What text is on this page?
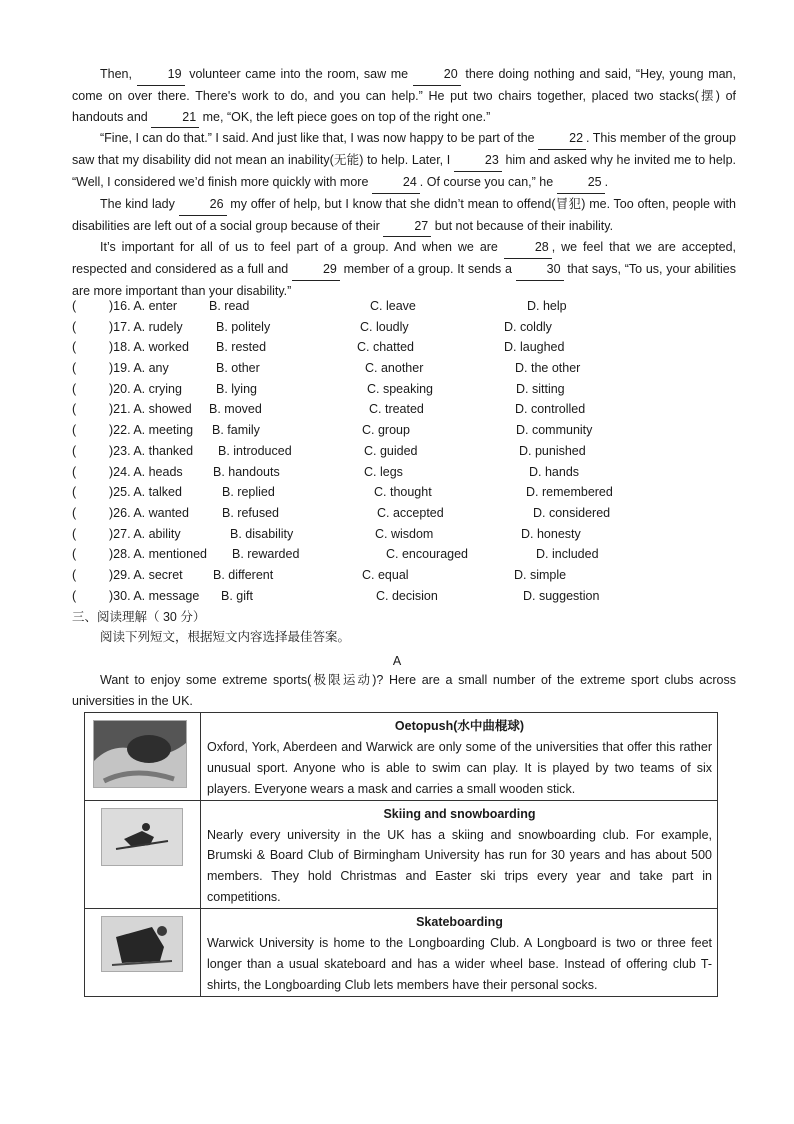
Then,	19 volunteer came into the room, saw me	20 there doing nothing and said, “Hey, young man, come on over there. There's work to do, and you can help.” He put two chairs together, placed two stacks(摆) of handouts and	21 me, “OK, the left piece goes on top of the right one.”

“Fine, I can do that.” I said. And just like that, I was now happy to be part of the	22 . This member of the group saw that my disability did not mean an inability(无能) to help. Later, I	23 him and asked why he invited me to help. “Well, I considered we’d finish more quickly with more	24 . Of course you can,” he	25 .

The kind lady	26 my offer of help, but I know that she didn’t mean to offend(冒犯) me. Too often, people with disabilities are left out of a social group because of their	27 but not because of their inability.

It’s important for all of us to feel part of a group. And when we are	28 , we feel that we are accepted, respected and considered as a full and	29 member of a group. It sends a	30 that says, “To us, your abilities are more important than your disability.”

(	)16. A. enter	B. read	C. leave	D. help
(	)17. A. rudely	B. politely	C. loudly	D. coldly
(	)18. A. worked B. rested	C. chatted	D. laughed
(	)19. A. any	B. other	C. another	D. the other
(	)20. A. crying	B. lying	C. speaking	D. sitting
(	)21. A. showed B. moved	C. treated	D. controlled
(	)22. A. meeting B. family	C. group	D. community
(	)23. A. thanked B. introduced	C. guided	D. punished
(	)24. A. heads B. handouts	C. legs	D. hands
(	)25. A. talked	B. replied	C. thought	D. remembered
(	)26. A. wanted	B. refused	C. accepted	D. considered
(	)27. A. ability	B. disability	C. wisdom	D. honesty
(	)28. A. mentioned B. rewarded	C. encouraged	D. included
(	)29. A. secret B. different	C. equal	D. simple
(	)30. A. message B. gift	C. decision	D. suggestion
三、阅读理解（ 30 分）
阅读下列短文，根据短文内容选择最佳答案。
A
Want to enjoy some extreme sports(极限运动)? Here are a small number of the extreme sport clubs across universities in the UK.

Oetopush(水中曲棍球)
Oxford, York, Aberdeen and Warwick are only some of the universities that offer this rather unusual sport. Anyone who is able to swim can play. It is played by two teams of six players. Everyone wears a mask and carries a small wooden stick.

Skiing and snowboarding
Nearly every university in the UK has a skiing and snowboarding club. For example, Brumski & Board Club of Birmingham University has run for 30 years and has about 500 members. They hold Christmas and Easter ski trips every year and take part in competitions.

Skateboarding
Warwick University is home to the Longboarding Club. A Longboard is two or three feet longer than a usual skateboard and has a wider wheel base. Instead of offering club T-shirts, the Longboarding Club lets members have their personal socks.
